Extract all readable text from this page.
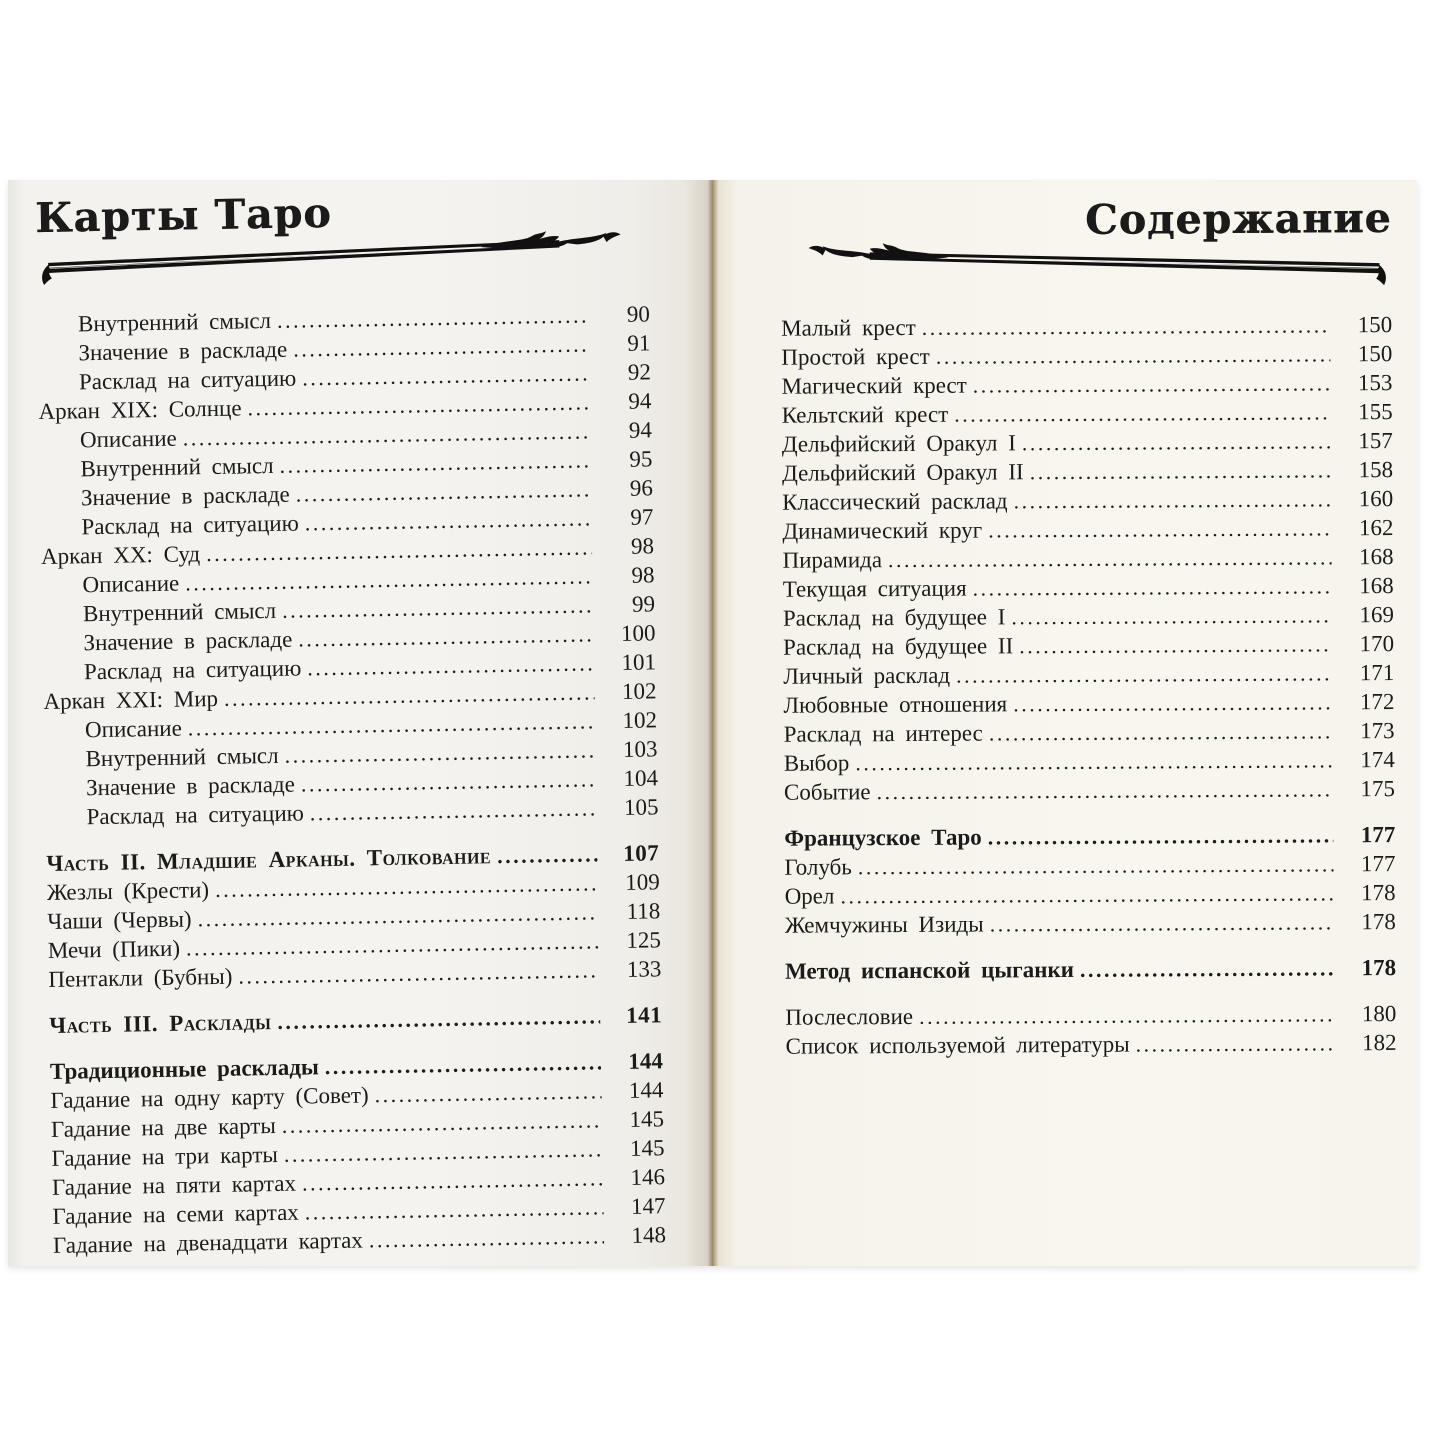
Карты Таро
Внутренний смысл .....	90
Значение в раскладе .....	91
Расклад на ситуацию .....	92
Аркан XIX: Солнце .....	94
Описание .....	94
Внутренний смысл .....	95
Значение в раскладе .....	96
Расклад на ситуацию .....	97
Аркан XX: Суд .....	98
Описание .....	98
Внутренний смысл .....	99
Значение в раскладе .....	100
Расклад на ситуацию .....	101
Аркан XXI: Мир .....	102
Описание .....	102
Внутренний смысл .....	103
Значение в раскладе .....	104
Расклад на ситуацию .....	105
Часть II. Младшие Арканы. Толкование .....	107
Жезлы (Крести) .....	109
Чаши (Червы) .....	118
Мечи (Пики) .....	125
Пентакли (Бубны) .....	133
Часть III. Расклады .....	141
Традиционные расклады .....	144
Гадание на одну карту (Совет) .....	144
Гадание на две карты .....	145
Гадание на три карты .....	145
Гадание на пяти картах .....	146
Гадание на семи картах .....	147
Гадание на двенадцати картах .....	148
Содержание
Малый крест .....	150
Простой крест .....	150
Магический крест .....	153
Кельтский крест .....	155
Дельфийский Оракул I .....	157
Дельфийский Оракул II .....	158
Классический расклад .....	160
Динамический круг .....	162
Пирамида .....	168
Текущая ситуация .....	168
Расклад на будущее I .....	169
Расклад на будущее II .....	170
Личный расклад .....	171
Любовные отношения .....	172
Расклад на интерес .....	173
Выбор .....	174
Событие .....	175
Французское Таро .....	177
Голубь .....	177
Орел .....	178
Жемчужины Изиды .....	178
Метод испанской цыганки .....	178
Послесловие .....	180
Список используемой литературы .....	182
